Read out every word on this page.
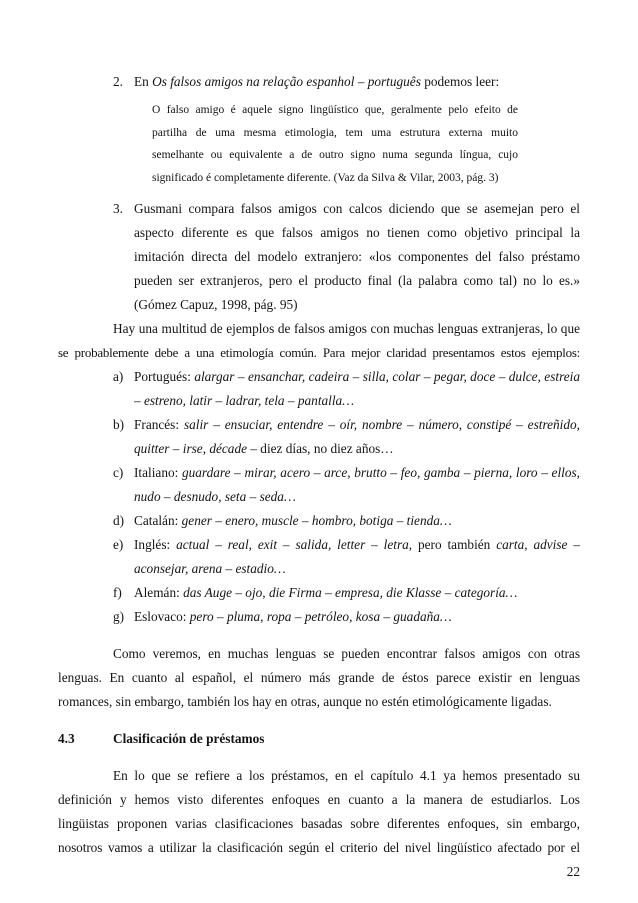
2. En Os falsos amigos na relação espanhol – português podemos leer:

O falso amigo é aquele signo lingüístico que, geralmente pelo efeito de
partilha de uma mesma etimologia, tem uma estrutura externa muito
semelhante ou equivalente a de outro signo numa segunda língua, cujo
significado é completamente diferente. (Vaz da Silva & Vilar, 2003, pág. 3)
3. Gusmani compara falsos amigos con calcos diciendo que se asemejan pero el
aspecto diferente es que falsos amigos no tienen como objetivo principal la
imitación directa del modelo extranjero: «los componentes del falso préstamo
pueden ser extranjeros, pero el producto final (la palabra como tal) no lo es.»
(Gómez Capuz, 1998, pág. 95)
Hay una multitud de ejemplos de falsos amigos con muchas lenguas extranjeras, lo que
se probablemente debe a una etimología común. Para mejor claridad presentamos estos ejemplos:
a) Portugués: alargar – ensanchar, cadeira – silla, colar – pegar, doce – dulce, estreia

– estreno, latir – ladrar, tela – pantalla…

b) Francés: salir – ensuciar, entendre – oír, nombre – número, constipé – estreñido,

quitter – irse, décade – diez días, no diez años…

c) Italiano: guardare – mirar, acero – arce, brutto – feo, gamba – pierna, loro – ellos,

nudo – desnudo, seta – seda…

d) Catalán: gener – enero, muscle – hombro, botiga – tienda…

e) Inglés: actual – real, exit – salida, letter – letra, pero también carta, advise –

aconsejar, arena – estadio…

f) Alemán: das Auge – ojo, die Firma – empresa, die Klasse – categoría…

g) Eslovaco: pero – pluma, ropa – petróleo, kosa – guadaña…

Como veremos, en muchas lenguas se pueden encontrar falsos amigos con otras
lenguas. En cuanto al español, el número más grande de éstos parece existir en lenguas
romances, sin embargo, también los hay en otras, aunque no estén etimológicamente ligadas.
4.3	Clasificación de préstamos
En lo que se refiere a los préstamos, en el capítulo 4.1 ya hemos presentado su
definición y hemos visto diferentes enfoques en cuanto a la manera de estudiarlos. Los
lingüistas proponen varias clasificaciones basadas sobre diferentes enfoques, sin embargo,
nosotros vamos a utilizar la clasificación según el criterio del nivel lingüístico afectado por el
22
